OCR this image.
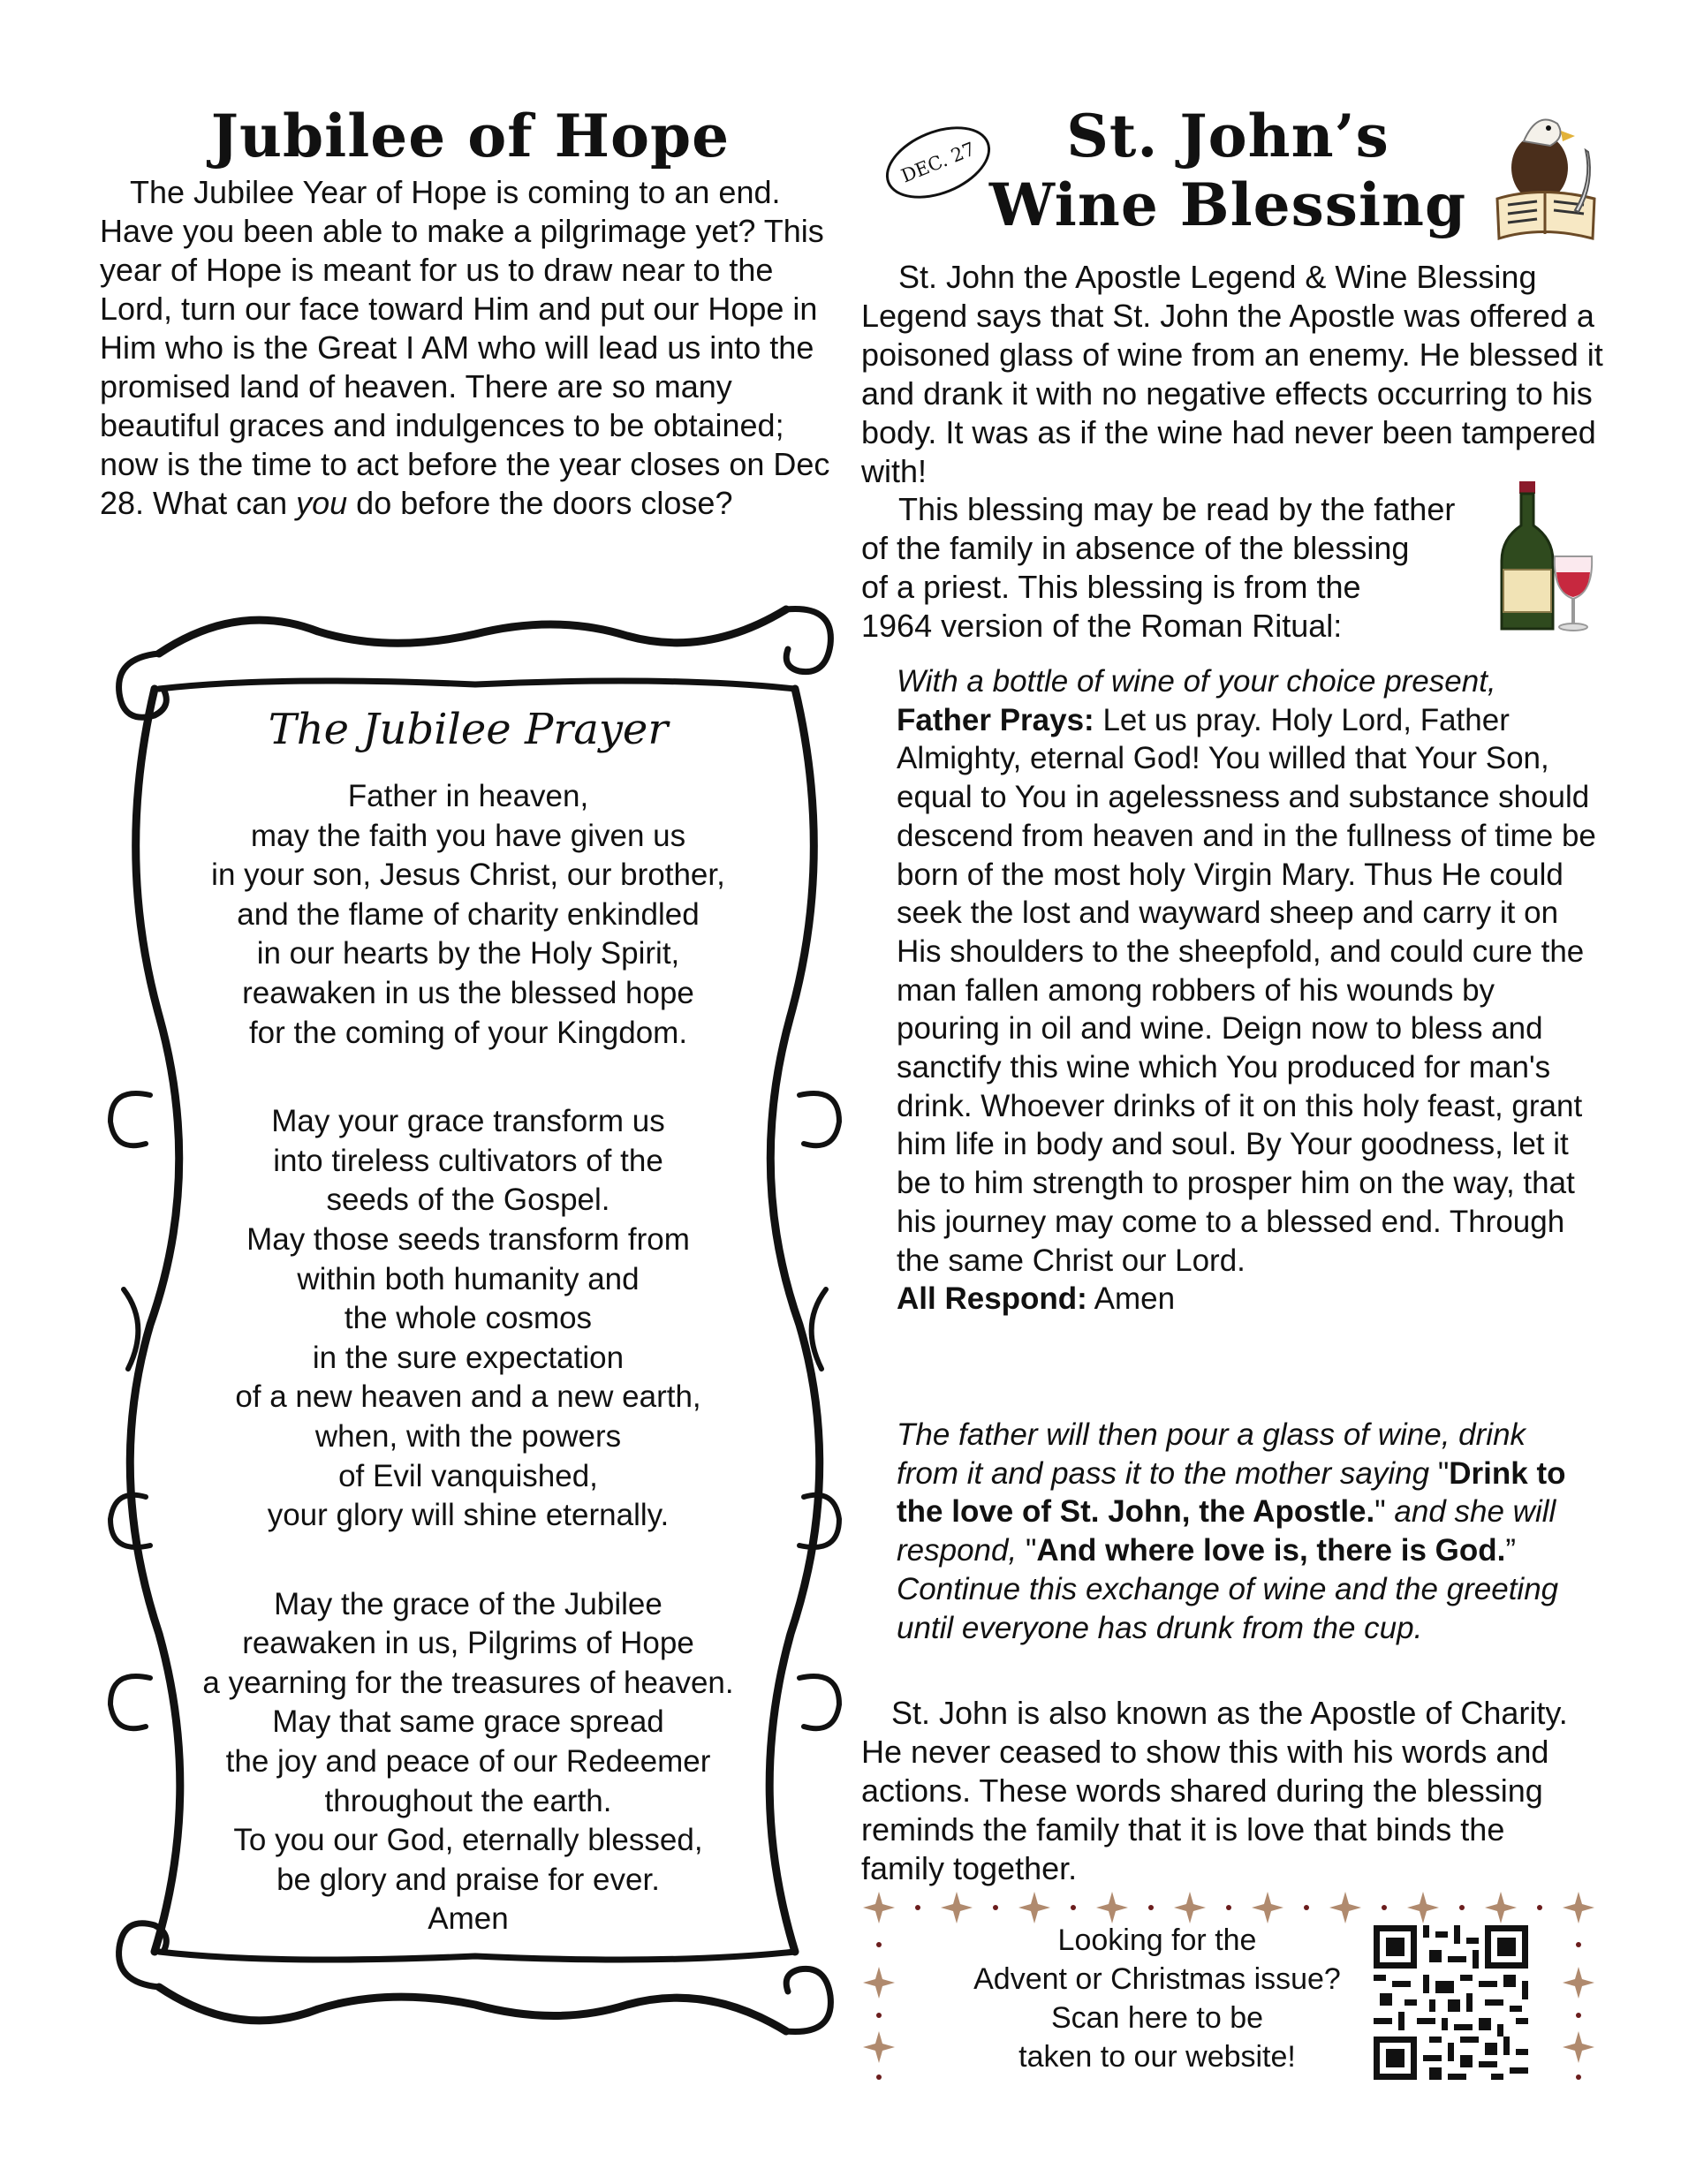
Jubilee of Hope

The Jubilee Year of Hope is coming to an end. Have you been able to make a pilgrimage yet? This year of Hope is meant for us to draw near to the Lord, turn our face toward Him and put our Hope in Him who is the Great I AM who will lead us into the promised land of heaven. There are so many beautiful graces and indulgences to be obtained; now is the time to act before the year closes on Dec 28. What can you do before the doors close?

The Jubilee Prayer
Father in heaven,
may the faith you have given us
in your son, Jesus Christ, our brother,
and the flame of charity enkindled
in our hearts by the Holy Spirit,
reawaken in us the blessed hope
for the coming of your Kingdom.
May your grace transform us
into tireless cultivators of the
seeds of the Gospel.
May those seeds transform from
within both humanity and
the whole cosmos
in the sure expectation
of a new heaven and a new earth,
when, with the powers
of Evil vanquished,
your glory will shine eternally.
May the grace of the Jubilee
reawaken in us, Pilgrims of Hope
a yearning for the treasures of heaven.
May that same grace spread
the joy and peace of our Redeemer
throughout the earth.
To you our God, eternally blessed,
be glory and praise for ever.
Amen
DEC. 27	St. John’s
Wine Blessing

St. John the Apostle Legend & Wine Blessing Legend says that St. John the Apostle was offered a poisoned glass of wine from an enemy. He blessed it and drank it with no negative effects occurring to his body. It was as if the wine had never been tampered with!

This blessing may be read by the father
of the family in absence of the blessing
of a priest. This blessing is from the
1964 version of the Roman Ritual:
With a bottle of wine of your choice present,
Father Prays: Let us pray. Holy Lord, Father Almighty, eternal God! You willed that Your Son, equal to You in agelessness and substance should descend from heaven and in the fullness of time be born of the most holy Virgin Mary. Thus He could seek the lost and wayward sheep and carry it on His shoulders to the sheepfold, and could cure the man fallen among robbers of his wounds by pouring in oil and wine. Deign now to bless and sanctify this wine which You produced for man's drink. Whoever drinks of it on this holy feast, grant him life in body and soul. By Your goodness, let it be to him strength to prosper him on the way, that his journey may come to a blessed end. Through the same Christ our Lord.
All Respond: Amen
The father will then pour a glass of wine, drink from it and pass it to the mother saying "Drink to the love of St. John, the Apostle." and she will respond, "And where love is, there is God.” Continue this exchange of wine and the greeting until everyone has drunk from the cup.

St. John is also known as the Apostle of Charity. He never ceased to show this with his words and actions. These words shared during the blessing reminds the family that it is love that binds the family together.

Looking for the
Advent or Christmas issue?
Scan here to be
taken to our website!
